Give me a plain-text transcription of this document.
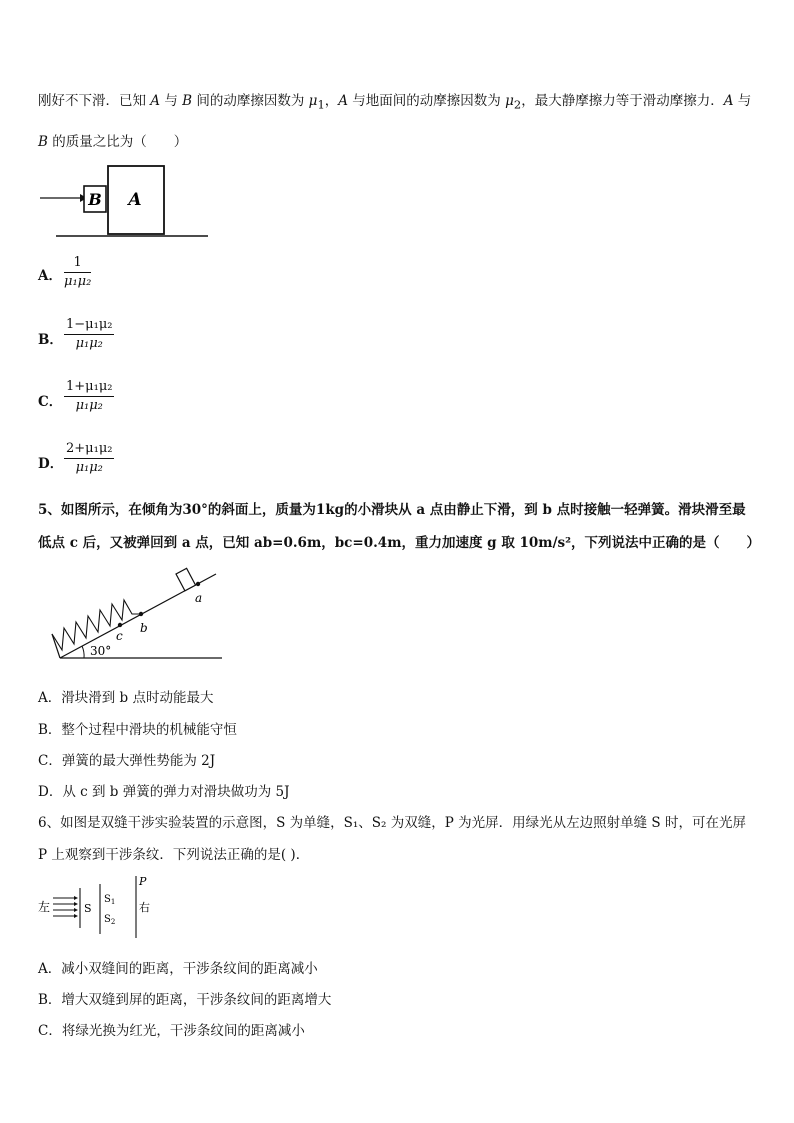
刚好不下滑．已知 A 与 B 间的动摩擦因数为 $\mu_1$，A 与地面间的动摩擦因数为 $\mu_2$，最大静摩擦力等于滑动摩擦力．A 与
B 的质量之比为（　　）
B A
A． $\frac{1}{\text{μ₁μ₂}}$
B． $\frac{\text{1−μ₁μ₂}}{\text{μ₁μ₂}}$
C． $\frac{\text{1+μ₁μ₂}}{\text{μ₁μ₂}}$
D． $\frac{\text{2+μ₁μ₂}}{\text{μ₁μ₂}}$
5、如图所示，在倾角为30°的斜面上，质量为1kg的小滑块从 a 点由静止下滑，到 b 点时接触一轻弹簧。滑块滑至最
低点 c 后，又被弹回到 a 点，已知 ab=0.6m，bc=0.4m，重力加速度 g 取 10m/s²，下列说法中正确的是（　　）
a
b
c
30°
A．滑块滑到 b 点时动能最大
B．整个过程中滑块的机械能守恒
C．弹簧的最大弹性势能为 2J
D．从 c 到 b 弹簧的弹力对滑块做功为 5J
6、如图是双缝干涉实验装置的示意图，S 为单缝，S₁、S₂ 为双缝，P 为光屏．用绿光从左边照射单缝 S 时，可在光屏
P 上观察到干涉条纹．下列说法正确的是( )．
左	S
$S_1$
$S_2$
P
右
A．减小双缝间的距离，干涉条纹间的距离减小
B．增大双缝到屏的距离，干涉条纹间的距离增大
C．将绿光换为红光，干涉条纹间的距离减小
